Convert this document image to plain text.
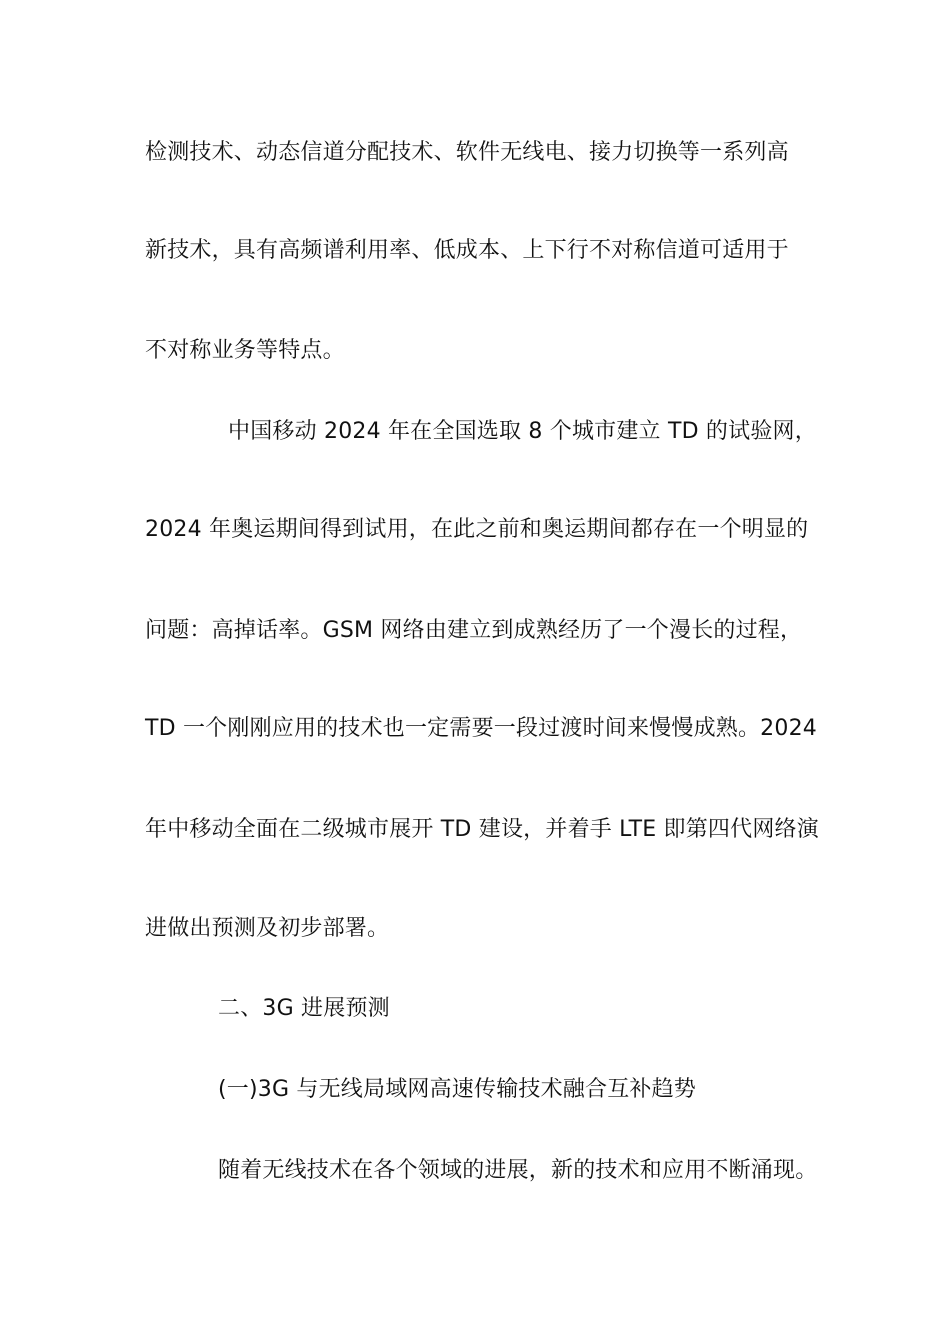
检测技术、动态信道分配技术、软件无线电、接力切换等一系列高
新技术，具有高频谱利用率、低成本、上下行不对称信道可适用于
不对称业务等特点。
中国移动 2024 年在全国选取 8 个城市建立 TD 的试验网，
2024 年奥运期间得到试用，在此之前和奥运期间都存在一个明显的
问题：高掉话率。GSM 网络由建立到成熟经历了一个漫长的过程，
TD 一个刚刚应用的技术也一定需要一段过渡时间来慢慢成熟。2024
年中移动全面在二级城市展开 TD 建设，并着手 LTE 即第四代网络演
进做出预测及初步部署。
二、3G 进展预测
(一)3G 与无线局域网高速传输技术融合互补趋势
随着无线技术在各个领域的进展，新的技术和应用不断涌现。
